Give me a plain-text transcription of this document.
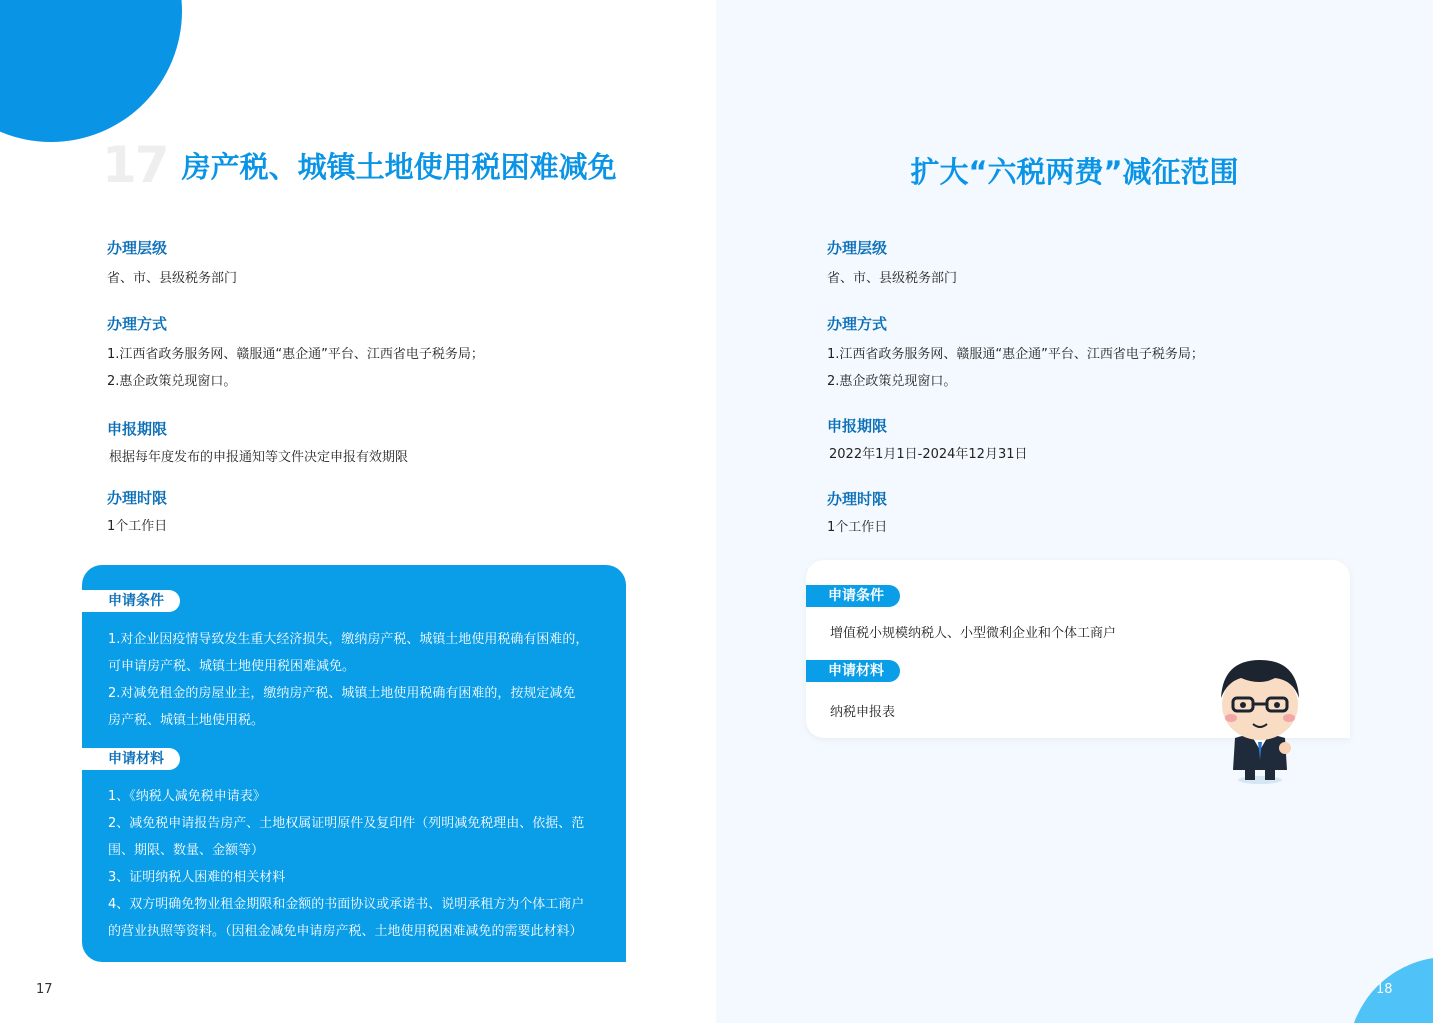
17 房产税、城镇土地使用税困难减免
办理层级
省、市、县级税务部门
办理方式
1.江西省政务服务网、赣服通“惠企通”平台、江西省电子税务局；
2.惠企政策兑现窗口。
申报期限
根据每年度发布的申报通知等文件决定申报有效期限
办理时限
1个工作日
17
申请条件
申请材料
1.对企业因疫情导致发生重大经济损失，缴纳房产税、城镇土地使用税确有困难的，
可申请房产税、城镇土地使用税困难减免。
2.对减免租金的房屋业主，缴纳房产税、城镇土地使用税确有困难的，按规定减免
房产税、城镇土地使用税。
1、《纳税人减免税申请表》
2、减免税申请报告房产、土地权属证明原件及复印件（列明减免税理由、依据、范
围、期限、数量、金额等）
3、证明纳税人困难的相关材料
4、双方明确免物业租金期限和金额的书面协议或承诺书、说明承租方为个体工商户
的营业执照等资料。（因租金减免申请房产税、土地使用税困难减免的需要此材料）
扩大“六税两费”减征范围
办理层级
省、市、县级税务部门
办理方式
1.江西省政务服务网、赣服通“惠企通”平台、江西省电子税务局；
2.惠企政策兑现窗口。
申报期限
2022年1月1日-2024年12月31日
办理时限
1个工作日
申请条件
申请材料
18
增值税小规模纳税人、小型微利企业和个体工商户
纳税申报表
